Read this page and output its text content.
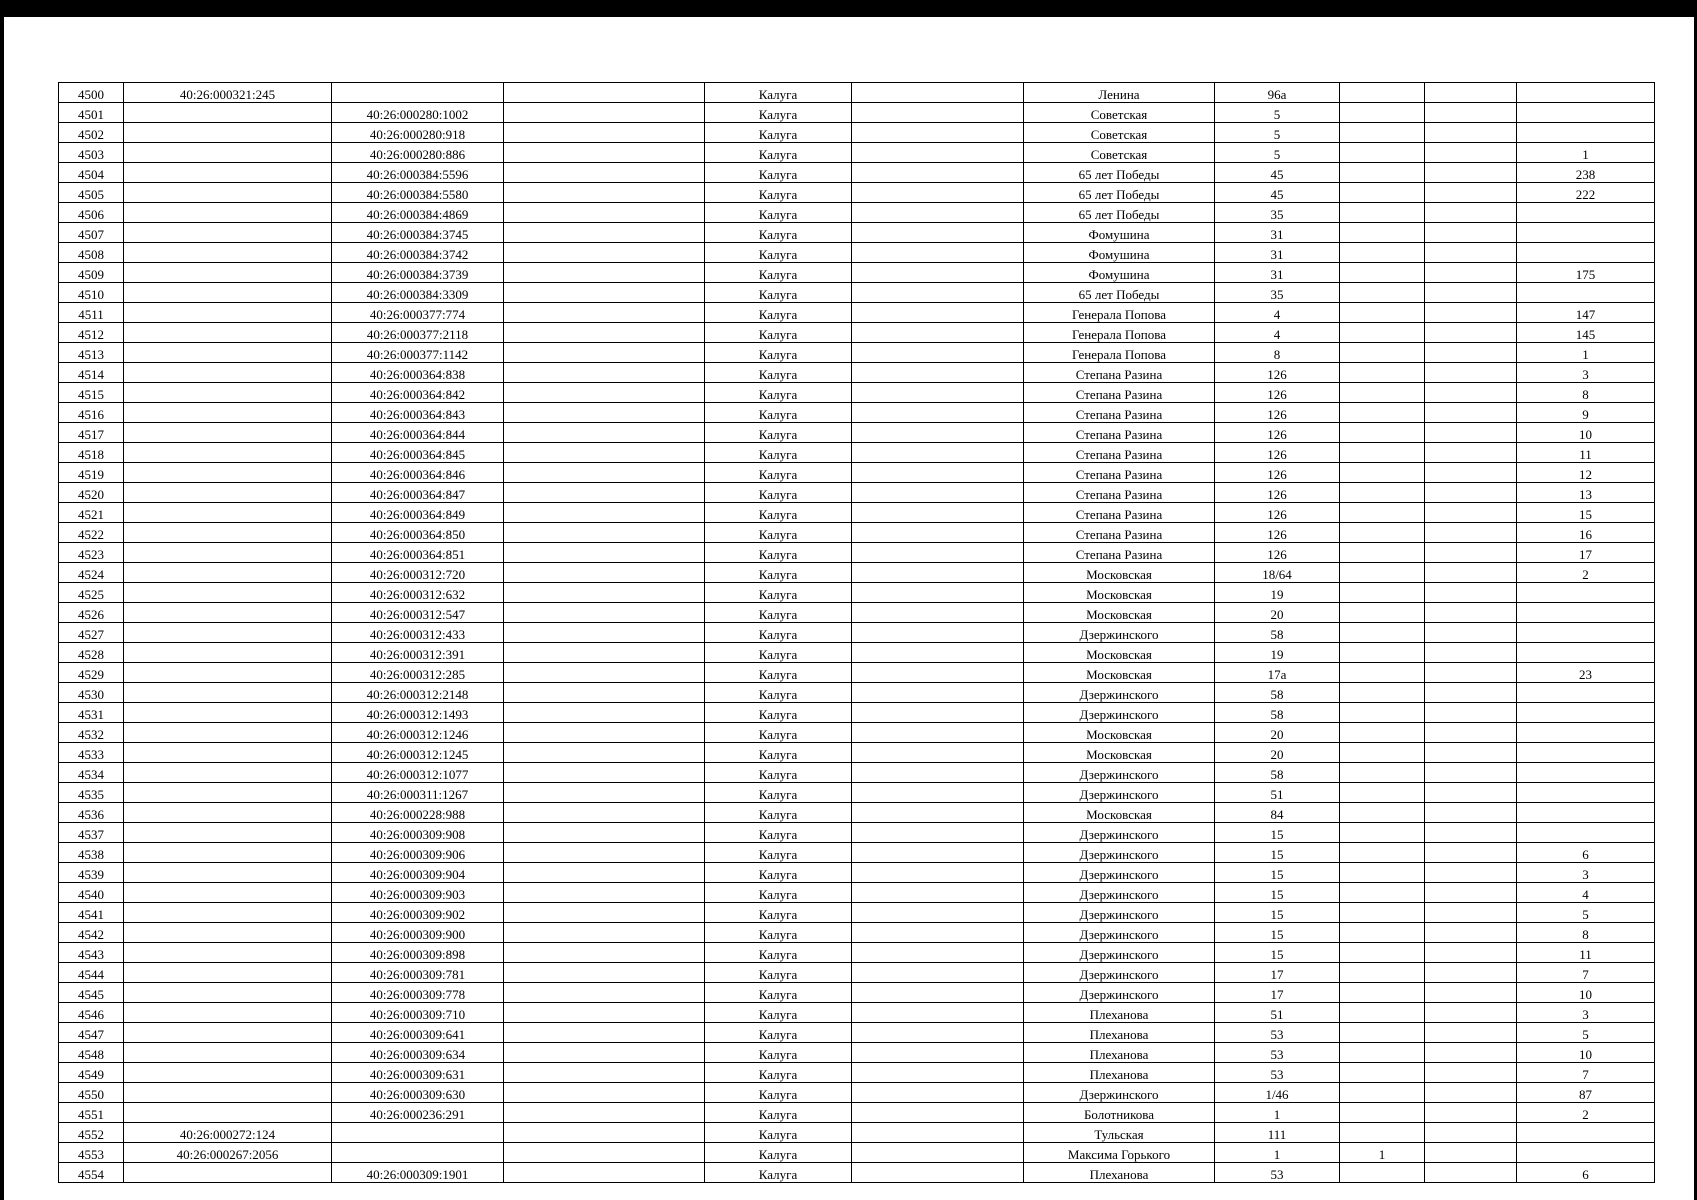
4500	40:26:000321:245			Калуга		Ленина	96а			
4501		40:26:000280:1002		Калуга		Советская	5			
4502		40:26:000280:918		Калуга		Советская	5			
4503		40:26:000280:886		Калуга		Советская	5			1
4504		40:26:000384:5596		Калуга		65 лет Победы	45			238
4505		40:26:000384:5580		Калуга		65 лет Победы	45			222
4506		40:26:000384:4869		Калуга		65 лет Победы	35			
4507		40:26:000384:3745		Калуга		Фомушина	31			
4508		40:26:000384:3742		Калуга		Фомушина	31			
4509		40:26:000384:3739		Калуга		Фомушина	31			175
4510		40:26:000384:3309		Калуга		65 лет Победы	35			
4511		40:26:000377:774		Калуга		Генерала Попова	4			147
4512		40:26:000377:2118		Калуга		Генерала Попова	4			145
4513		40:26:000377:1142		Калуга		Генерала Попова	8			1
4514		40:26:000364:838		Калуга		Степана Разина	126			3
4515		40:26:000364:842		Калуга		Степана Разина	126			8
4516		40:26:000364:843		Калуга		Степана Разина	126			9
4517		40:26:000364:844		Калуга		Степана Разина	126			10
4518		40:26:000364:845		Калуга		Степана Разина	126			11
4519		40:26:000364:846		Калуга		Степана Разина	126			12
4520		40:26:000364:847		Калуга		Степана Разина	126			13
4521		40:26:000364:849		Калуга		Степана Разина	126			15
4522		40:26:000364:850		Калуга		Степана Разина	126			16
4523		40:26:000364:851		Калуга		Степана Разина	126			17
4524		40:26:000312:720		Калуга		Московская	18/64			2
4525		40:26:000312:632		Калуга		Московская	19			
4526		40:26:000312:547		Калуга		Московская	20			
4527		40:26:000312:433		Калуга		Дзержинского	58			
4528		40:26:000312:391		Калуга		Московская	19			
4529		40:26:000312:285		Калуга		Московская	17а			23
4530		40:26:000312:2148		Калуга		Дзержинского	58			
4531		40:26:000312:1493		Калуга		Дзержинского	58			
4532		40:26:000312:1246		Калуга		Московская	20			
4533		40:26:000312:1245		Калуга		Московская	20			
4534		40:26:000312:1077		Калуга		Дзержинского	58			
4535		40:26:000311:1267		Калуга		Дзержинского	51			
4536		40:26:000228:988		Калуга		Московская	84			
4537		40:26:000309:908		Калуга		Дзержинского	15			
4538		40:26:000309:906		Калуга		Дзержинского	15			6
4539		40:26:000309:904		Калуга		Дзержинского	15			3
4540		40:26:000309:903		Калуга		Дзержинского	15			4
4541		40:26:000309:902		Калуга		Дзержинского	15			5
4542		40:26:000309:900		Калуга		Дзержинского	15			8
4543		40:26:000309:898		Калуга		Дзержинского	15			11
4544		40:26:000309:781		Калуга		Дзержинского	17			7
4545		40:26:000309:778		Калуга		Дзержинского	17			10
4546		40:26:000309:710		Калуга		Плеханова	51			3
4547		40:26:000309:641		Калуга		Плеханова	53			5
4548		40:26:000309:634		Калуга		Плеханова	53			10
4549		40:26:000309:631		Калуга		Плеханова	53			7
4550		40:26:000309:630		Калуга		Дзержинского	1/46			87
4551		40:26:000236:291		Калуга		Болотникова	1			2
4552	40:26:000272:124			Калуга		Тульская	111			
4553	40:26:000267:2056			Калуга		Максима Горького	1	1		
4554		40:26:000309:1901		Калуга		Плеханова	53			6
